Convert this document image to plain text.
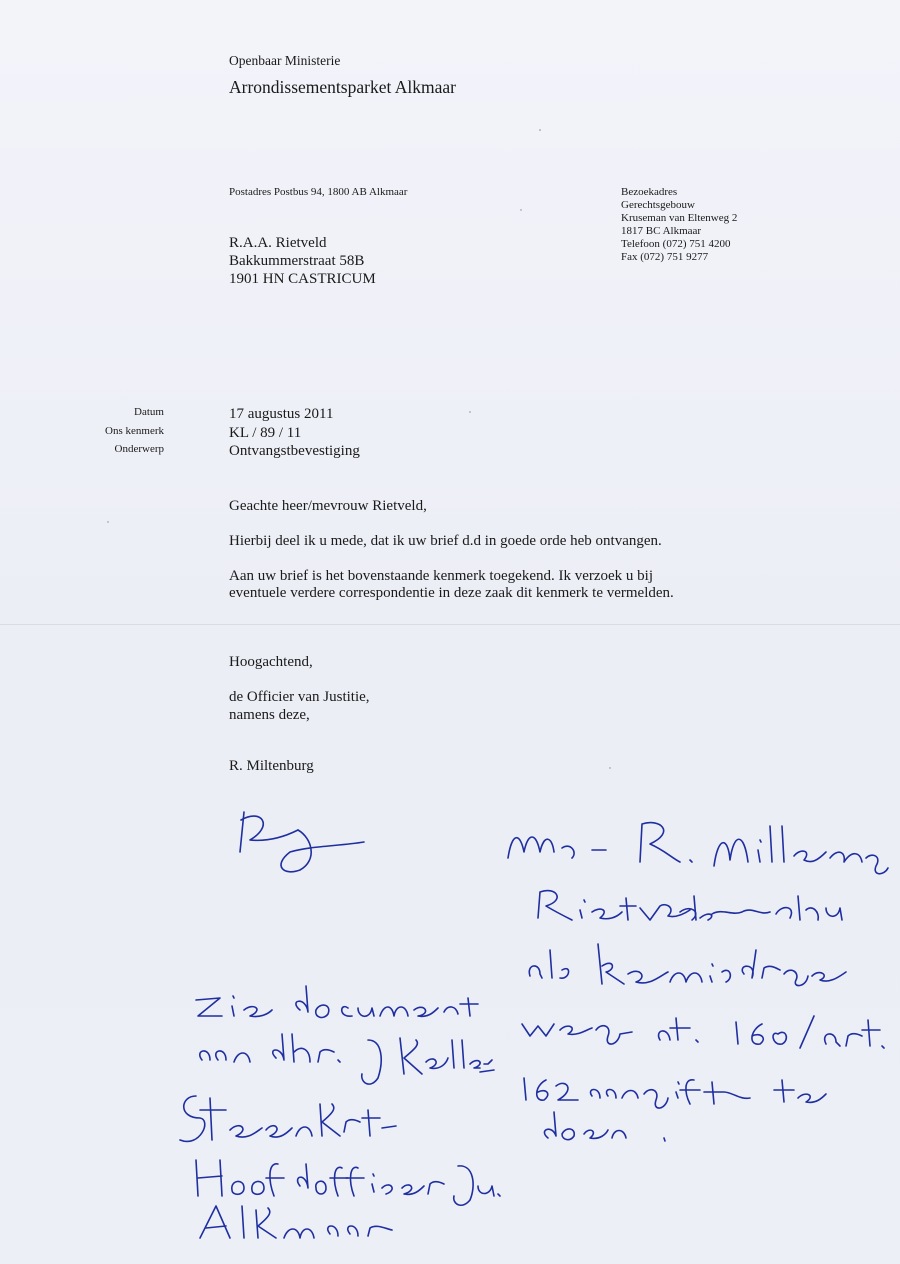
Openbaar Ministerie
Arrondissementsparket Alkmaar
Postadres Postbus 94, 1800 AB Alkmaar	Bezoekadres
Gerechtsgebouw
Kruseman van Eltenweg 2
1817 BC Alkmaar
Telefoon (072) 751 4200
Fax (072) 751 9277
R.A.A. Rietveld
Bakkummerstraat 58B
1901 HN CASTRICUM
Datum
Ons kenmerk
Onderwerp
17 augustus 2011
KL / 89 / 11
Ontvangstbevestiging
Geachte heer/mevrouw Rietveld,
Hierbij deel ik u mede, dat ik uw brief d.d in goede orde heb ontvangen.
Aan uw brief is het bovenstaande kenmerk toegekend. Ik verzoek u bij
eventuele verdere correspondentie in deze zaak dit kenmerk te vermelden.
Hoogachtend,
de Officier van Justitie,
namens deze,
R. Miltenburg
